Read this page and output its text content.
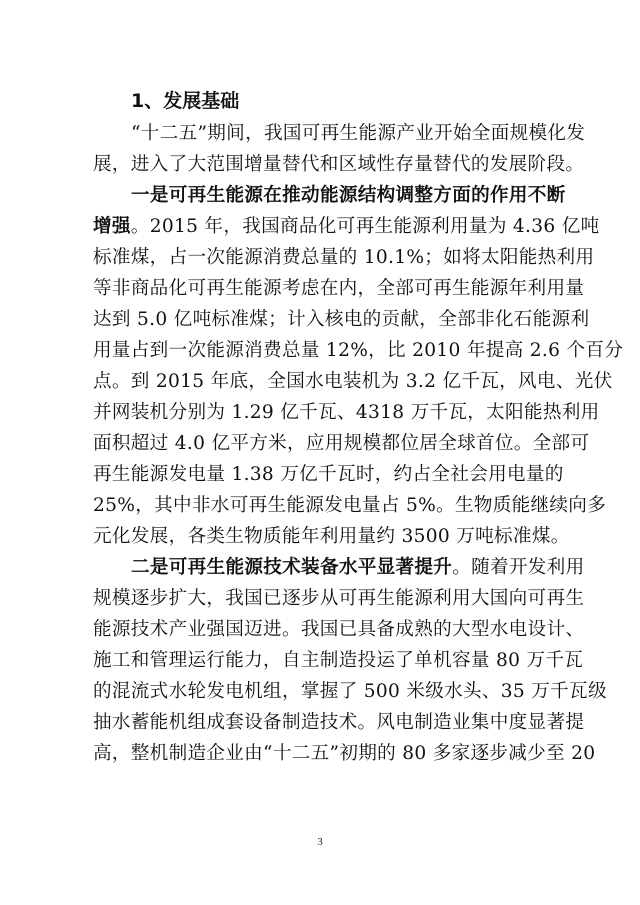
1、发展基础
“十二五”期间，我国可再生能源产业开始全面规模化发
展，进入了大范围增量替代和区域性存量替代的发展阶段。
一是可再生能源在推动能源结构调整方面的作用不断
增强。2015 年，我国商品化可再生能源利用量为 4.36 亿吨
标准煤，占一次能源消费总量的 10.1%；如将太阳能热利用
等非商品化可再生能源考虑在内，全部可再生能源年利用量
达到 5.0 亿吨标准煤；计入核电的贡献，全部非化石能源利
用量占到一次能源消费总量 12%，比 2010 年提高 2.6 个百分
点。到 2015 年底，全国水电装机为 3.2 亿千瓦，风电、光伏
并网装机分别为 1.29 亿千瓦、4318 万千瓦，太阳能热利用
面积超过 4.0 亿平方米，应用规模都位居全球首位。全部可
再生能源发电量 1.38 万亿千瓦时，约占全社会用电量的
25%，其中非水可再生能源发电量占 5%。生物质能继续向多
元化发展，各类生物质能年利用量约 3500 万吨标准煤。
二是可再生能源技术装备水平显著提升。随着开发利用
规模逐步扩大，我国已逐步从可再生能源利用大国向可再生
能源技术产业强国迈进。我国已具备成熟的大型水电设计、
施工和管理运行能力，自主制造投运了单机容量 80 万千瓦
的混流式水轮发电机组，掌握了 500 米级水头、35 万千瓦级
抽水蓄能机组成套设备制造技术。风电制造业集中度显著提
高，整机制造企业由“十二五”初期的 80 多家逐步减少至 20
3
